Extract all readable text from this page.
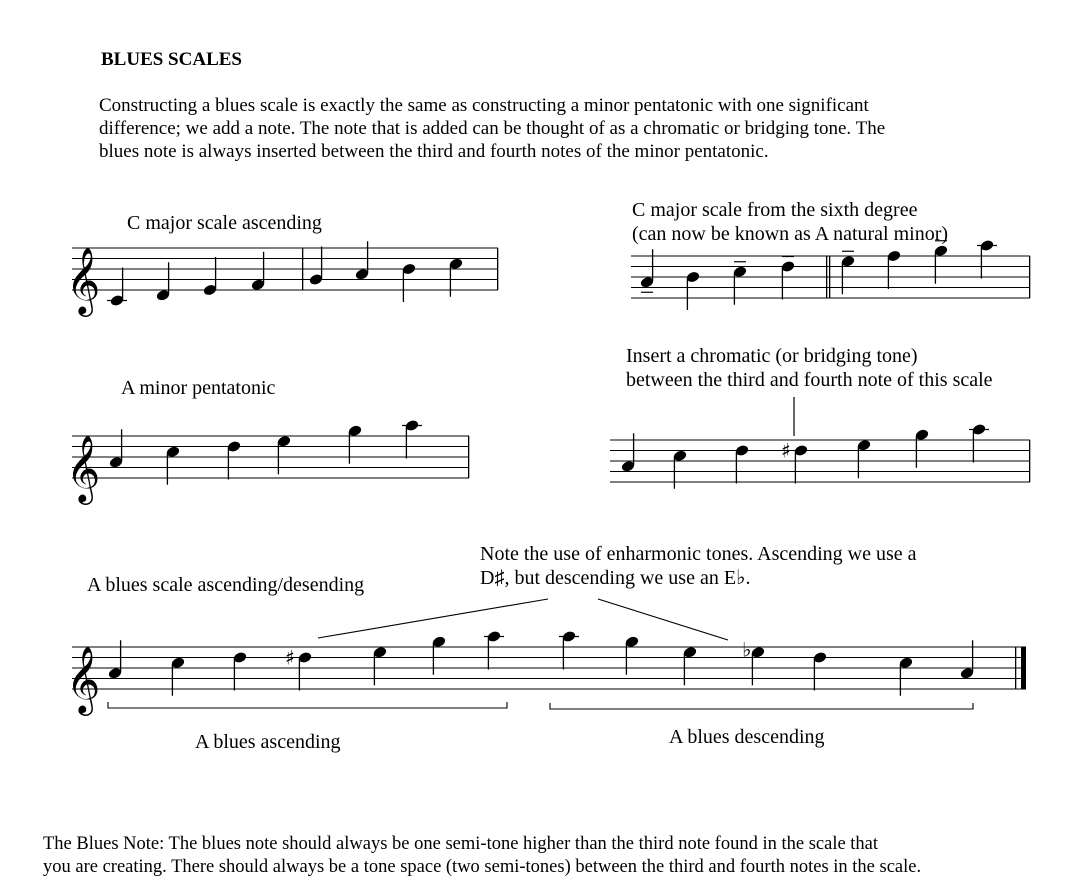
BLUES SCALES
Constructing a blues scale is exactly the same as constructing a minor pentatonic with one significant
difference; we add a note. The note that is added can be thought of as a chromatic or bridging tone. The
blues note is always inserted between the third and fourth notes of the minor pentatonic.
C major scale ascending
C major scale from the sixth degree
(can now be known as A natural minor)
A minor pentatonic
Insert a chromatic (or bridging tone)
between the third and fourth note of this scale
Note the use of enharmonic tones. Ascending we use a
D♯, but descending we use an E♭.
A blues scale ascending/desending
A blues ascending	A blues descending
The Blues Note: The blues note should always be one semi-tone higher than the third note found in the scale that
you are creating. There should always be a tone space (two semi-tones) between the third and fourth notes in the scale.
𝄞
𝄞	♯
𝄞	♯	♭
